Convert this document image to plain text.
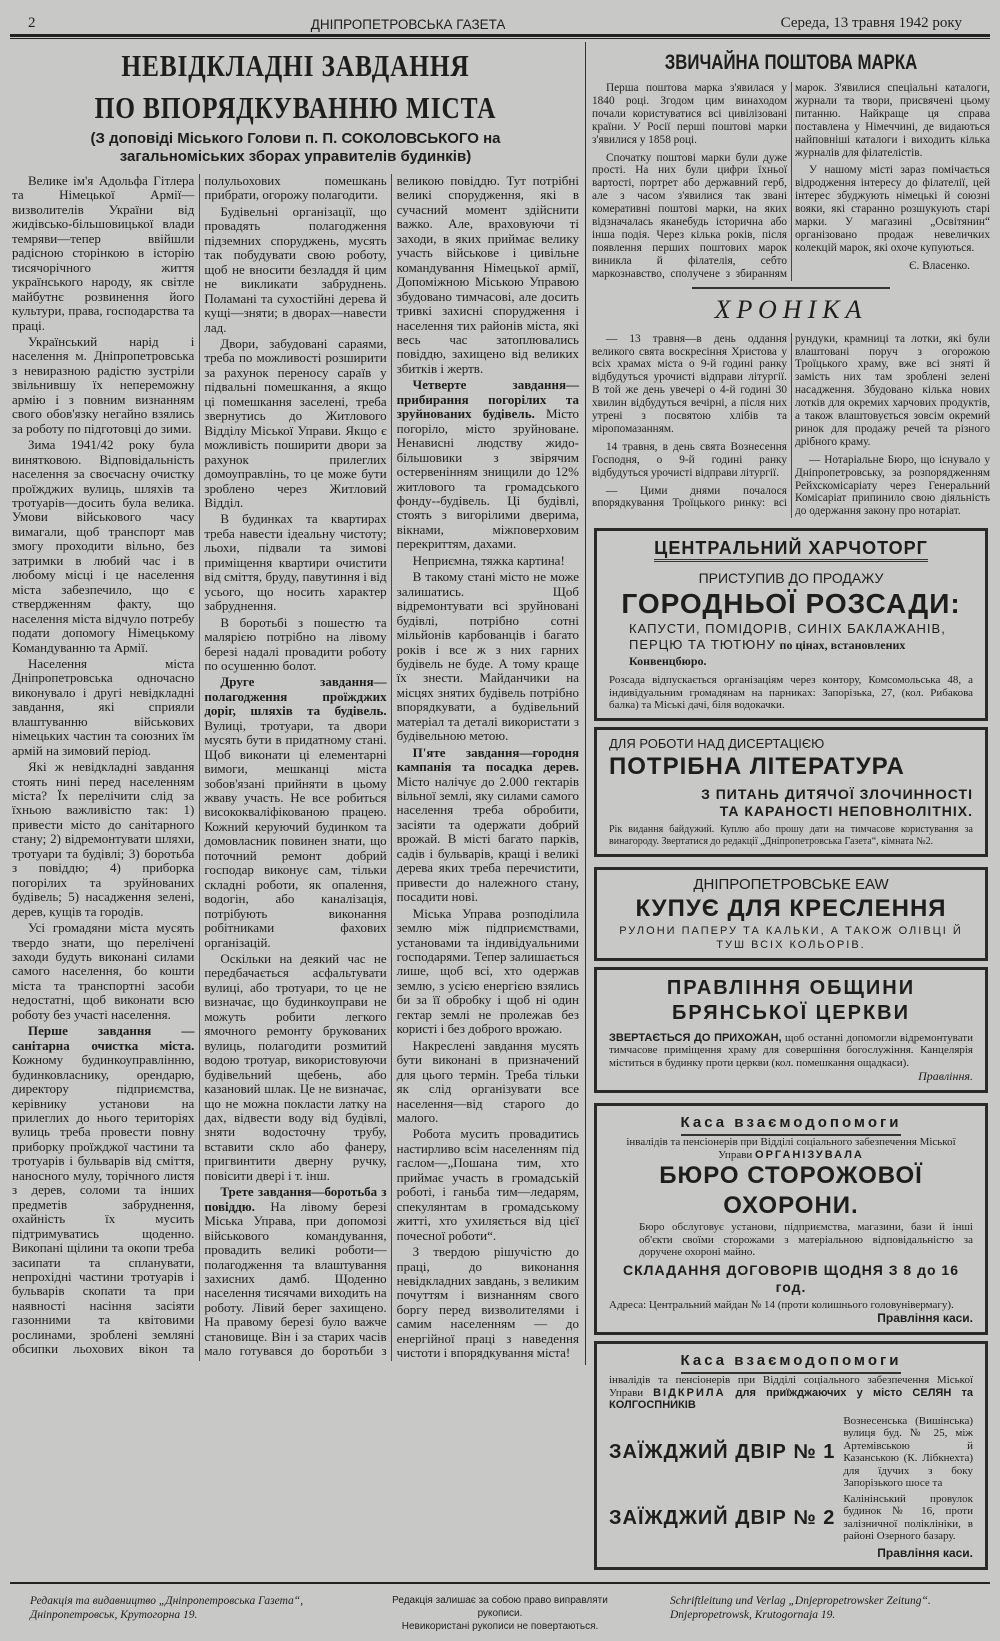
2	ДНІПРОПЕТРОВСЬКА ГАЗЕТА	Середа, 13 травня 1942 року
НЕВІДКЛАДНІ ЗАВДАННЯ
ПО ВПОРЯДКУВАННЮ МІСТА
(З доповіді Міського Голови п. П. СОКОЛОВСЬКОГО на загальноміських зборах управителів будинків)

Велике ім'я Адольфа Гітлера та Німецької Армії—визволителів України від жидівсько-більшовицької влади темряви—тепер ввійшли радісною сторінкою в історію тисячорічного життя українського народу, як світле майбутнє розвинення його культури, права, господарства та праці.

Український нарід і населення м. Дніпропетровська з невиразною радістю зустріли звільнившу їх непереможну армію і з повним визнанням свого обов'язку негайно взялись за роботу по підготовці до зими.

Зима 1941/42 року була винятковою. Відповідальність населення за своєчасну очистку проїжджих вулиць, шляхів та тротуарів—досить була велика. Умови військового часу вимагали, щоб транспорт мав змогу проходити вільно, без затримки в любий час і в любому місці і це населення міста забезпечило, що є ствердженням факту, що населення міста відчуло потребу подати допомогу Німецькому Командуванню та Армії.

Населення міста Дніпропетровська одночасно виконувало і другі невідкладні завдання, які сприяли влаштуванню військових німецьких частин та союзних їм армій на зимовий період.

Які ж невідкладні завдання стоять нині перед населенням міста? Їх перелічити слід за їхньою важливістю так: 1) привести місто до санітарного стану; 2) відремонтувати шляхи, тротуари та будівлі; 3) боротьба з повіддю; 4) приборка погорілих та зруйнованих будівель; 5) насадження зелені, дерев, кущів та городів.

Усі громадяни міста мусять твердо знати, що перелічені заходи будуть виконані силами самого населення, бо кошти міста та транспортні засоби недостатні, щоб виконати всю роботу без участі населення.

Перше завдання — санітарна очистка міста. Кожному будинкоуправлінню, будинковласнику, орендарю, директору підприємства, керівнику установи на прилеглих до нього територіях вулиць треба провести повну приборку проїжджої частини та тротуарів і бульварів від сміття, наносного мулу, торічного листя з дерев, соломи та інших предметів забруднення, охайність їх мусить підтримуватись щоденно. Викопані щілини та окопи треба засипати та спланувати, непрохідні частини тротуарів і бульварів скопати та при наявності насіння засіяти газонними та квітовими рослинами, зроблені земляні обсипки льохових вікон та полульохових помешкань прибрати, огорожу полагодити.

Будівельні організації, що провадять полагодження підземних споруджень, мусять так побудувати свою роботу, щоб не вносити безладдя й цим не викликати забруднень. Поламані та сухостійні дерева й кущі—зняти; в дворах—навести лад.

Двори, забудовані сараями, треба по можливості розширити за рахунок переносу сараїв у підвальні помешкання, а якщо ці помешкання заселені, треба звернутись до Житлового Відділу Міської Управи. Якщо є можливість поширити двори за рахунок прилеглих домоуправлінь, то це може бути зроблено через Житловий Відділ.

В будинках та квартирах треба навести ідеальну чистоту; льохи, підвали та зимові приміщення квартири очистити від сміття, бруду, павутиння і від усього, що носить характер забруднення.

В боротьбі з пошестю та малярією потрібно на лівому березі надалі провадити роботу по осушенню болот.

Друге завдання—полагодження проїжджих доріг, шляхів та будівель. Вулиці, тротуари, та двори мусять бути в придатному стані. Щоб виконати ці елементарні вимоги, мешканці міста зобов'язані прийняти в цьому жваву участь. Не все робиться висококваліфікованою працею. Кожний керуючий будинком та домовласник повинен знати, що поточний ремонт добрий господар виконує сам, тільки складні роботи, як опалення, водогін, або каналізація, потрібують виконання робітниками фахових організацій.

Оскільки на деякий час не передбачається асфальтувати вулиці, або тротуари, то це не визначає, що будинкоуправи не можуть робити легкого ямочного ремонту брукованих вулиць, полагодити розмитий водою тротуар, використовуючи будівельний щебень, або казановий шлак. Це не визначає, що не можна покласти латку на дах, відвести воду від будівлі, зняти водосточну трубу, вставити скло або фанеру, пригвинтити дверну ручку, повісити двері і т. інш.

Трете завдання—боротьба з повіддю. На лівому березі Міська Управа, при допомозі військового командування, провадить великі роботи—полагодження та влаштування захисних дамб. Щоденно населення тисячами виходить на роботу. Лівий берег захищено. На правому березі було важче становище. Він і за старих часів мало готувався до боротьби з великою повіддю. Тут потрібні великі спорудження, які в сучасний момент здійснити важко. Але, враховуючи ті заходи, в яких приймає велику участь військове і цивільне командування Німецької армії, Допоміжною Міською Управою збудовано тимчасові, але досить тривкі захисні спорудження і населення тих районів міста, які весь час затоплювались повіддю, захищено від великих збитків і жертв.

Четверте завдання—прибирання погорілих та зруйнованих будівель. Місто погоріло, місто зруйноване. Ненависні людству жидо-більшовики з звірячим остервенінням знищили до 12% житлового та громадського фонду--будівель. Ці будівлі, стоять з вигорілими дверима, вікнами, міжповерховим перекриттям, дахами.

Неприємна, тяжка картина!

В такому стані місто не може залишатись. Щоб відремонтувати всі зруйновані будівлі, потрібно сотні мільйонів карбованців і багато років і все ж з них гарних будівель не буде. А тому краще їх знести. Майданчики на місцях знятих будівель потрібно впорядкувати, а будівельний матеріал та деталі використати з будівельною метою.

П'яте завдання—городня кампанія та посадка дерев. Місто налічує до 2.000 гектарів вільної землі, яку силами самого населення треба обробити, засіяти та одержати добрий врожай. В місті багато парків, садів і бульварів, кращі і великі дерева яких треба перечистити, привести до належного стану, посадити нові.

Міська Управа розподілила землю між підприємствами, установами та індивідуальними господарями. Тепер залишається лише, щоб всі, хто одержав землю, з усією енергією взялись би за її обробку і щоб ні один гектар землі не пролежав без користі і без доброго врожаю.

Накреслені завдання мусять бути виконані в призначений для цього термін. Треба тільки як слід організувати все населення—від старого до малого.

Робота мусить провадитись настирливо всім населенням під гаслом—„Пошана тим, хто приймає участь в громадській роботі, і ганьба тим—ледарям, спекулянтам в громадському житті, хто ухиляється від цієї почесної роботи“.

З твердою рішучістю до праці, до виконання невідкладних завдань, з великим почуттям і визнанням свого боргу перед визволителями і самим населенням — до енергійної праці з наведення чистоти і впорядкування міста!

ЗВИЧАЙНА ПОШТОВА МАРКА

Перша поштова марка з'явилася у 1840 році. Згодом цим винаходом почали користуватися всі цивілізовані країни. У Росії перші поштові марки з'явилися у 1858 році.

Спочатку поштові марки були дуже прості. На них були цифри їхньої вартості, портрет або державний герб, але з часом з'явилися так звані комеративні поштові марки, на яких відзначалась яканебудь історична або інша подія. Через кілька років, після появлення перших поштових марок виникла й філателія, себто маркознавство, сполучене з збиранням марок. З'явилися спеціальні каталоги, журнали та твори, присвячені цьому питанню. Найкраще ця справа поставлена у Німеччині, де видаються найповніші каталоги і виходить кілька журналів для філателістів.

У нашому місті зараз помічається відродження інтересу до філателії, цей інтерес збуджують німецькі й союзні вояки, які старанно розшукують старі марки. У магазині „Освітянин“ організовано продаж невеличких колекцій марок, які охоче купуються.

Є. Власенко.

ХРОНІКА

— 13 травня—в день оддання великого свята воскресіння Христова у всіх храмах міста о 9-й годині ранку відбудуться урочисті відправи літургії. В той же день увечері о 4-й годині 30 хвилин відбудуться вечірні, а після них утрені з посвятою хлібів та міропомазанням.

14 травня, в день свята Вознесення Господня, о 9-й годині ранку відбудуться урочисті відправи літургії.

— Цими днями почалося впорядкування Троїцького ринку: всі рундуки, крамниці та лотки, які були влаштовані поруч з огорожою Троїцького храму, вже всі зняті й замість них там зроблені зелені насадження. Збудовано кілька нових лотків для окремих харчових продуктів, а також влаштовується зовсім окремий ринок для продажу речей та різного дрібного краму.

— Нотаріальне Бюро, що існувало у Дніпропетровську, за розпорядженням Рейхскомісаріату через Генеральний Комісаріат припинило свою діяльність до одержання закону про нотаріат.

ЦЕНТРАЛЬНИЙ ХАРЧОТОРГ
ПРИСТУПИВ ДО ПРОДАЖУ
ГОРОДНЬОЇ РОЗСАДИ:
КАПУСТИ, ПОМІДОРІВ, СИНІХ БАКЛАЖАНІВ, ПЕРЦЮ ТА ТЮТЮНУ по цінах, встановлених Конвенцбюро.
Розсада відпускається організаціям через контору, Комсомольська 48, а індивідуальним громадянам на парниках: Запорізька, 27, (кол. Рибакова балка) та Міські дачі, біля водокачки.
ДЛЯ РОБОТИ НАД ДИСЕРТАЦІЄЮ
ПОТРІБНА ЛІТЕРАТУРА
З ПИТАНЬ ДИТЯЧОЇ ЗЛОЧИННОСТІ ТА КАРАНОСТІ НЕПОВНОЛІТНІХ.
Рік видання байдужий. Куплю або прошу дати на тимчасове користування за винагороду. Звертатися до редакції „Дніпропетровська Газета“, кімната №2.
ДНІПРОПЕТРОВСЬКЕ EAW
КУПУЄ ДЛЯ КРЕСЛЕННЯ
РУЛОНИ ПАПЕРУ ТА КАЛЬКИ, А ТАКОЖ ОЛІВЦІ Й ТУШ ВСІХ КОЛЬОРІВ.
ПРАВЛІННЯ ОБЩИНИ
БРЯНСЬКОЇ ЦЕРКВИ
ЗВЕРТАЄТЬСЯ ДО ПРИХОЖАН, щоб останні допомогли відремонтувати тимчасове приміщення храму для совершіння богослужіння. Канцелярія міститься в будинку проти церкви (кол. помешкання ощадкаси).
Правління.
Каса взаємодопомоги
інвалідів та пенсіонерів при Відділі соціального забезпечення Міської Управи ОРГАНІЗУВАЛА
БЮРО СТОРОЖОВОЇ ОХОРОНИ.
Бюро обслуговує установи, підприємства, магазини, бази й інші об'єкти своїми сторожами з матеріальною відповідальністю за доручене охороні майно.
СКЛАДАННЯ ДОГОВОРІВ ЩОДНЯ З 8 до 16 год.
Адреса: Центральний майдан № 14 (проти колишнього головунівермагу).
Правління каси.
Каса взаємодопомоги
інвалідів та пенсіонерів при Відділі соціального забезпечення Міської Управи ВІДКРИЛА для приїжджаючих у місто СЕЛЯН та КОЛГОСПНИКІВ
ЗАЇЖДЖИЙ ДВІР № 1
Вознесенська (Вишінська) вулиця буд. № 25, між Артемівською й Казанською (К. Лібкнехта) для їдучих з боку Запорізького шосе та
ЗАЇЖДЖИЙ ДВІР № 2
Калінінський провулок будинок № 16, проти залізничної поліклініки, в районі Озерного базару.
Правління каси.
Редакція та видавництво „Дніпропетровська Газета“, Дніпропетровськ, Крутогорна 19.
Редакція залишає за собою право виправляти рукописи.
Невикористані рукописи не повертаються.
Schriftleitung und Verlag „Dnjepropetrowsker Zeitung“. Dnjepropetrowsk, Krutogornaja 19.
